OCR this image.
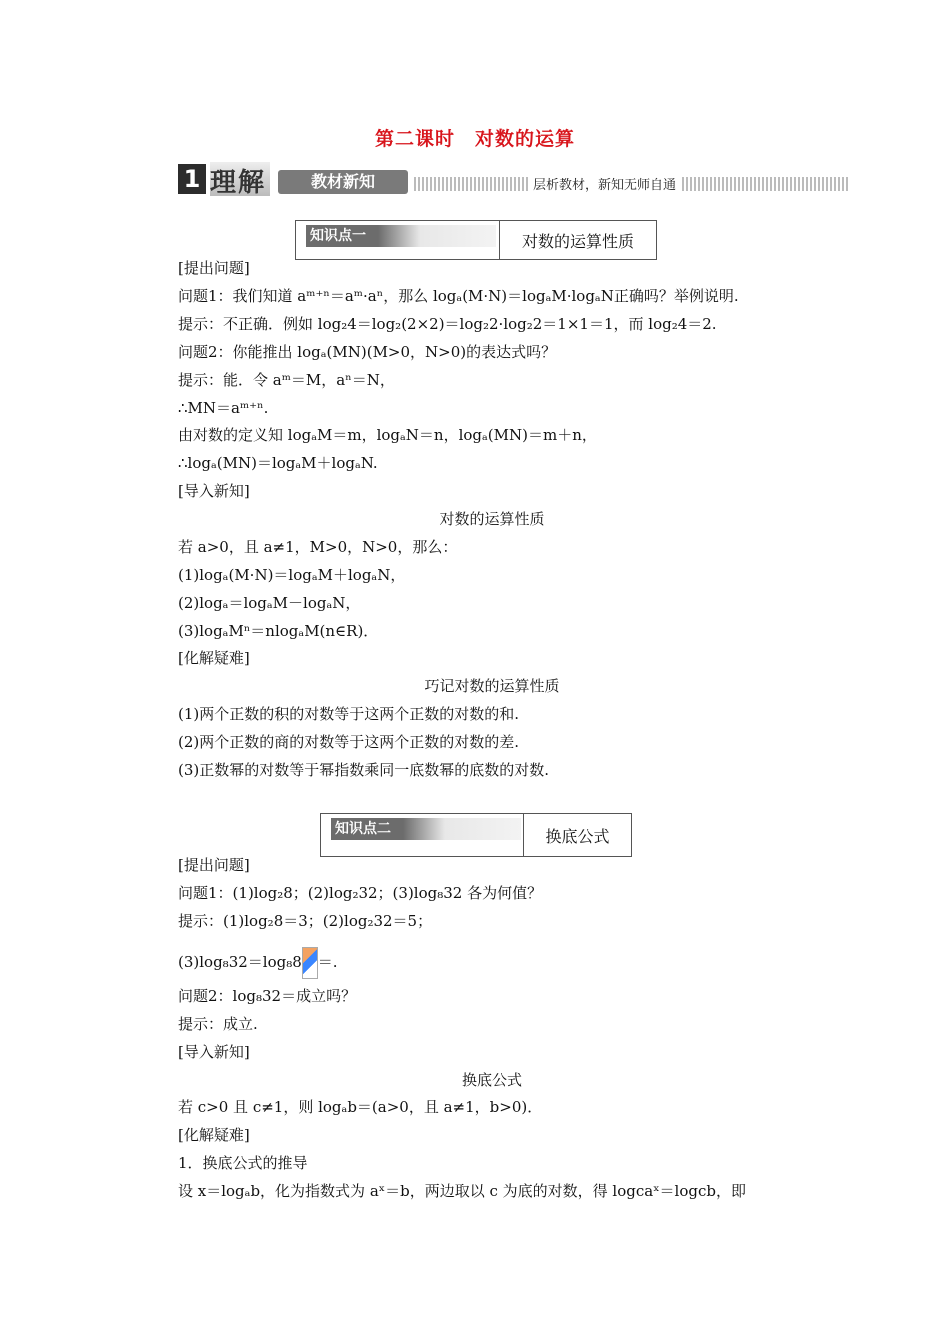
第二课时　对数的运算
1 理解	教材新知	层析教材，新知无师自通
知识点一	对数的运算性质
[提出问题]
问题1：我们知道 aᵐ⁺ⁿ＝aᵐ·aⁿ，那么 logₐ(M·N)＝logₐM·logₐN正确吗？举例说明.
提示：不正确．例如 log₂4＝log₂(2×2)＝log₂2·log₂2＝1×1＝1，而 log₂4＝2.
问题2：你能推出 logₐ(MN)(M>0，N>0)的表达式吗？
提示：能．令 aᵐ＝M，aⁿ＝N，
∴MN＝aᵐ⁺ⁿ.
由对数的定义知 logₐM＝m，logₐN＝n，logₐ(MN)＝m＋n，
∴logₐ(MN)＝logₐM＋logₐN.
[导入新知]
对数的运算性质
若 a>0，且 a≠1，M>0，N>0，那么：
(1)logₐ(M·N)＝logₐM＋logₐN，
(2)logₐ＝logₐM－logₐN，
(3)logₐMⁿ＝nlogₐM(n∈R)．
[化解疑难]
巧记对数的运算性质
(1)两个正数的积的对数等于这两个正数的对数的和.
(2)两个正数的商的对数等于这两个正数的对数的差.
(3)正数幂的对数等于幂指数乘同一底数幂的底数的对数.
知识点二	换底公式
[提出问题]
问题1：(1)log₂8；(2)log₂32；(3)log₈32 各为何值？
提示：(1)log₂8＝3；(2)log₂32＝5；
(3)log₈32＝log₈8 ＝.
问题2：log₈32＝成立吗？
提示：成立.
[导入新知]
换底公式
若 c>0 且 c≠1，则 logₐb＝(a>0，且 a≠1，b>0)．
[化解疑难]
1．换底公式的推导
设 x＝logₐb，化为指数式为 aˣ＝b，两边取以 c 为底的对数，得 logcaˣ＝logcb，即
